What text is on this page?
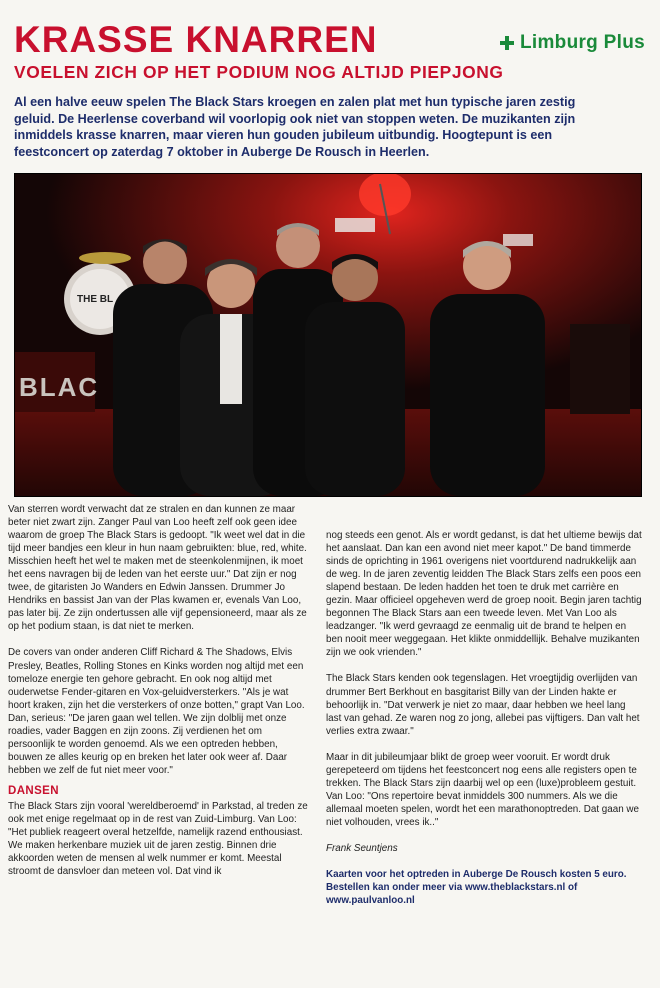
KRASSE KNARREN
VOELEN ZICH OP HET PODIUM NOG ALTIJD PIEPJONG
Limburg Plus
Al een halve eeuw spelen The Black Stars kroegen en zalen plat met hun typische jaren zestig geluid. De Heerlense coverband wil voorlopig ook niet van stoppen weten. De muzikanten zijn inmiddels krasse knarren, maar vieren hun gouden jubileum uitbundig. Hoogtepunt is een feestconcert op zaterdag 7 oktober in Auberge De Rousch in Heerlen.
THE BL
BLAC

Van sterren wordt verwacht dat ze stralen en dan kunnen ze maar beter niet zwart zijn. Zanger Paul van Loo heeft zelf ook geen idee waarom de groep The Black Stars is gedoopt. "Ik weet wel dat in die tijd meer bandjes een kleur in hun naam gebruikten: blue, red, white. Misschien heeft het wel te maken met de steenkolenmijnen, ik moet het eens navragen bij de leden van het eerste uur." Dat zijn er nog twee, de gitaristen Jo Wanders en Edwin Janssen. Drummer Jo Hendriks en bassist Jan van der Plas kwamen er, evenals Van Loo, pas later bij. Ze zijn ondertussen alle vijf gepensioneerd, maar als ze op het podium staan, is dat niet te merken.

De covers van onder anderen Cliff Richard & The Shadows, Elvis Presley, Beatles, Rolling Stones en Kinks worden nog altijd met een tomeloze energie ten gehore gebracht. En ook nog altijd met ouderwetse Fender-gitaren en Vox-geluidversterkers. "Als je wat hoort kraken, zijn het die versterkers of onze botten," grapt Van Loo. Dan, serieus: "De jaren gaan wel tellen. We zijn dolblij met onze roadies, vader Baggen en zijn zoons. Zij verdienen het om persoonlijk te worden genoemd. Als we een optreden hebben, bouwen ze alles keurig op en breken het later ook weer af. Daar hebben we zelf de fut niet meer voor."

DANSEN

The Black Stars zijn vooral 'wereldberoemd' in Parkstad, al treden ze ook met enige regelmaat op in de rest van Zuid-Limburg. Van Loo: "Het publiek reageert overal hetzelfde, namelijk razend enthousiast. We maken herkenbare muziek uit de jaren zestig. Binnen drie akkoorden weten de mensen al welk nummer er komt. Meestal stroomt de dansvloer dan meteen vol. Dat vind ik

nog steeds een genot. Als er wordt gedanst, is dat het ultieme bewijs dat het aanslaat. Dan kan een avond niet meer kapot." De band timmerde sinds de oprichting in 1961 overigens niet voortdurend nadrukkelijk aan de weg. In de jaren zeventig leidden The Black Stars zelfs een poos een slapend bestaan. De leden hadden het toen te druk met carrière en gezin. Maar officieel opgeheven werd de groep nooit. Begin jaren tachtig begonnen The Black Stars aan een tweede leven. Met Van Loo als leadzanger. "Ik werd gevraagd ze eenmalig uit de brand te helpen en ben nooit meer weggegaan. Het klikte onmiddellijk. Behalve muzikanten zijn we ook vrienden."

The Black Stars kenden ook tegenslagen. Het vroegtijdig overlijden van drummer Bert Berkhout en basgitarist Billy van der Linden hakte er behoorlijk in. "Dat verwerk je niet zo maar, daar hebben we heel lang last van gehad. Ze waren nog zo jong, allebei pas vijftigers. Dan valt het verlies extra zwaar."

Maar in dit jubileumjaar blikt de groep weer vooruit. Er wordt druk gerepeteerd om tijdens het feestconcert nog eens alle registers open te trekken. The Black Stars zijn daarbij wel op een (luxe)probleem gestuit. Van Loo: "Ons repertoire bevat inmiddels 300 nummers. Als we die allemaal moeten spelen, wordt het een marathonoptreden. Dat gaan we niet volhouden, vrees ik.."

Frank Seuntjens

Kaarten voor het optreden in Auberge De Rousch kosten 5 euro. Bestellen kan onder meer via www.theblackstars.nl of www.paulvanloo.nl
